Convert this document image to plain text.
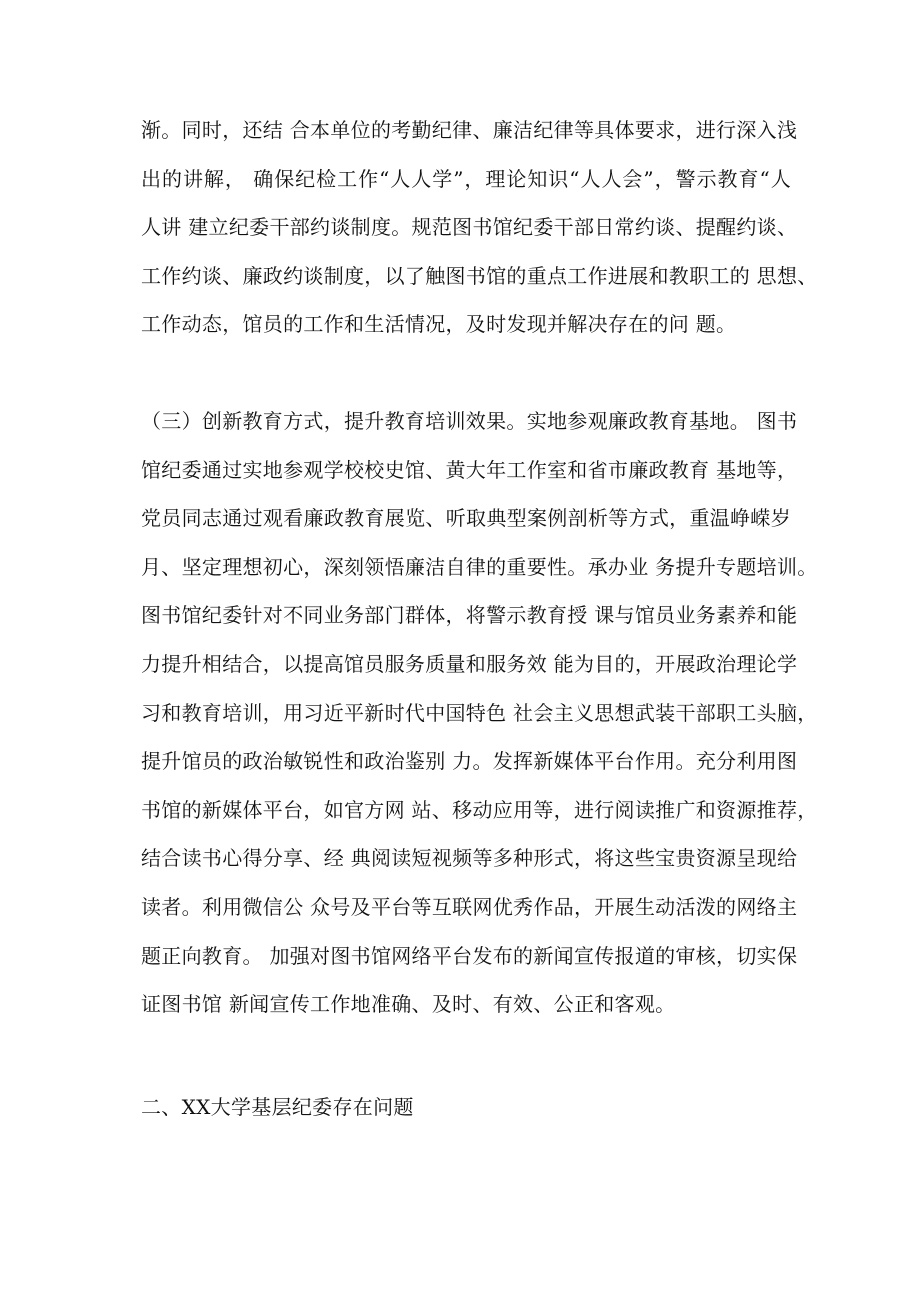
渐。同时，还结 合本单位的考勤纪律、廉洁纪律等具体要求，进行深入浅
出的讲解， 确保纪检工作“人人学”，理论知识“人人会”，警示教育“人
人讲 建立纪委干部约谈制度。规范图书馆纪委干部日常约谈、提醒约谈、
工作约谈、廉政约谈制度，以了触图书馆的重点工作进展和教职工的 思想、
工作动态，馆员的工作和生活情况，及时发现并解决存在的问 题。
（三）创新教育方式，提升教育培训效果。实地参观廉政教育基地。 图书
馆纪委通过实地参观学校校史馆、黄大年工作室和省市廉政教育 基地等，
党员同志通过观看廉政教育展览、听取典型案例剖析等方式，重温峥嵘岁
月、坚定理想初心，深刻领悟廉洁自律的重要性。承办业 务提升专题培训。
图书馆纪委针对不同业务部门群体，将警示教育授 课与馆员业务素养和能
力提升相结合，以提高馆员服务质量和服务效 能为目的，开展政治理论学
习和教育培训，用习近平新时代中国特色 社会主义思想武装干部职工头脑，
提升馆员的政治敏锐性和政治鉴别 力。发挥新媒体平台作用。充分利用图
书馆的新媒体平台，如官方网 站、移动应用等，进行阅读推广和资源推荐，
结合读书心得分享、经 典阅读短视频等多种形式，将这些宝贵资源呈现给
读者。利用微信公 众号及平台等互联网优秀作品，开展生动活泼的网络主
题正向教育。 加强对图书馆网络平台发布的新闻宣传报道的审核，切实保
证图书馆 新闻宣传工作地准确、及时、有效、公正和客观。
二、XX大学基层纪委存在问题
